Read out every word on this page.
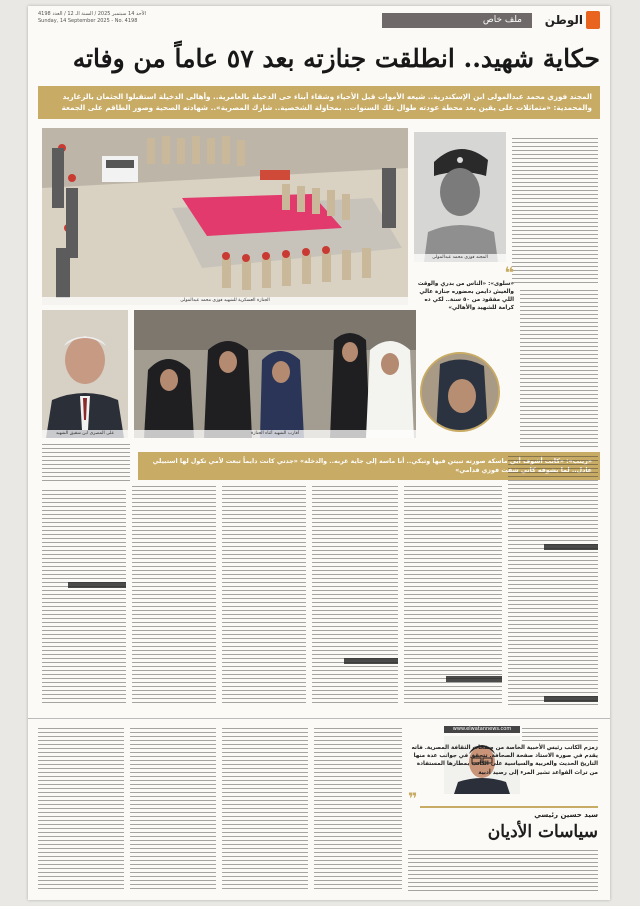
الوطن
ملف خاص
الأحد 14 سبتمبر 2025 / السنة الـ 12 / العدد 4198
Sunday, 14 September 2025 - No. 4198
حكاية شهيد.. انطلقت جنازته بعد ٥٧ عاماً من وفاته
المجند فوزي محمد عبدالمولى ابن الإسكندرية.. شيعه الأموات قبل الأحياء وشقاء أبناء حى الدخيلة بالعامرية.. وأهالى الدخيلة استقبلوا الجثمان بالزغاريد والمحمدية: «متماثلات على يقين بعد محطة عودته طوال تلك السنوات.. بمحاولة الشخصية.. شارك المصرية».. شهادته الصحية وصور الطاقم على الجمعة
الجنازة العسكرية للشهيد فوزي محمد عبدالمولى
المجند فوزي محمد عبدالمولى
❝
«سلوى»: «الناس من بدري والوقت والعيش دايمن بحضوره جنازة عالي اللي مفقود من ٥٠ سنة.. لكي ده كرامة للشهيد والأهالي»
على المصرى ابن شقيق الشهيد	أقارب الشهيد أثناء الجنازة
«زينب»: «كانت أشوف أبي ماسكة صورته تبيتن فيها وتبكي.. أنا ماسة إلى جاية غربه.. والدخلة» «جدتي كانت دايماً تبعت لأمي تكول لها استبيلي عادل.. لما يشوفه كاني شفت فوزي قدامي»
www.elwatannews.com
زمزم الكاتب رئيس الأخبية الخاصة من صفحات الثقافة المصرية. فاته يقدم في صورة الاستاد صفحة الصحافة. تتحقق في جوانب عدة منها التاريخ الحديث والعربية والسياسية على الكاتب بمطارها المستفادة من تراث القواعد تشير المرء إلى رصيد أدبية
❞
سيد حسين رئيسي
سياسات الأديان
